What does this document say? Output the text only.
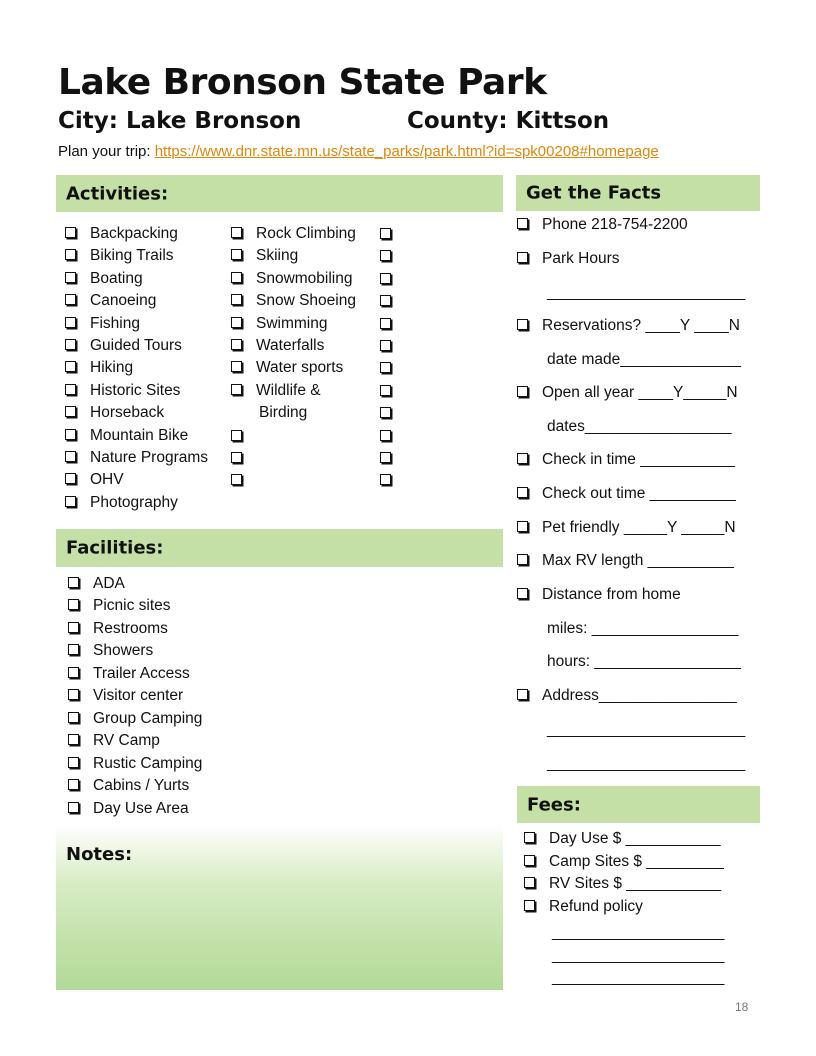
Lake Bronson State Park
City: Lake Bronson	County: Kittson
Plan your trip: https://www.dnr.state.mn.us/state_parks/park.html?id=spk00208#homepage
Activities:
Backpacking
Biking Trails
Boating
Canoeing
Fishing
Guided Tours
Hiking
Historic Sites
Horseback
Mountain Bike
Nature Programs
OHV
Photography
Rock Climbing
Skiing
Snowmobiling
Snow Shoeing
Swimming
Waterfalls
Water sports
Wildlife &
Birding
Facilities:
ADA
Picnic sites
Restrooms
Showers
Trailer Access
Visitor center
Group Camping
RV Camp
Rustic Camping
Cabins / Yurts
Day Use Area
Notes:
Get the Facts
Phone 218-754-2200
Park Hours
_______________________
Reservations? ____Y ____N
date made______________
Open all year ____Y_____N
dates_________________
Check in time ___________
Check out time __________
Pet friendly _____Y _____N
Max RV length __________
Distance from home
miles: _________________
hours: _________________
Address________________
_______________________
_______________________
Fees:
Day Use $ ___________
Camp Sites $ _________
RV Sites $ ___________
Refund policy
____________________
____________________
____________________
18
